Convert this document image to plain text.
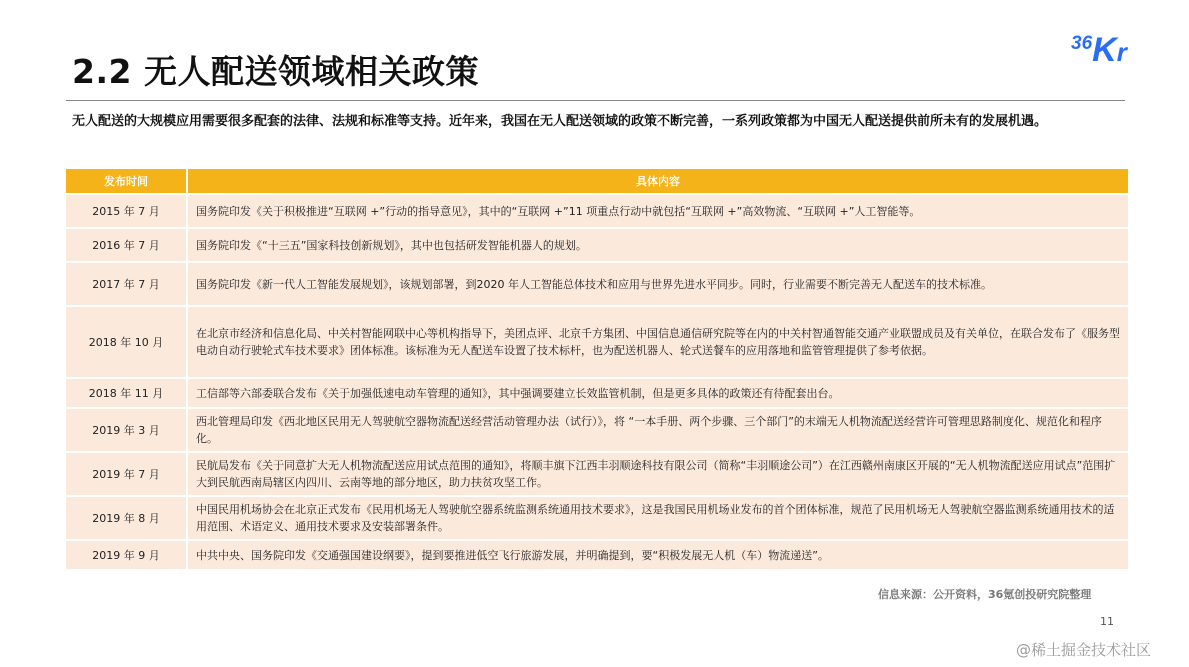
2.2 无人配送领域相关政策
36Kr
无人配送的大规模应用需要很多配套的法律、法规和标准等支持。近年来，我国在无人配送领域的政策不断完善，一系列政策都为中国无人配送提供前所未有的发展机遇。
发布时间	具体内容
2015 年 7 月	国务院印发《关于积极推进“互联网 +”行动的指导意见》，其中的“互联网 +”11 项重点行动中就包括“互联网 +”高效物流、“互联网 +”人工智能等。
2016 年 7 月	国务院印发《“十三五”国家科技创新规划》，其中也包括研发智能机器人的规划。
2017 年 7 月	国务院印发《新一代人工智能发展规划》，该规划部署，到2020 年人工智能总体技术和应用与世界先进水平同步。同时，行业需要不断完善无人配送车的技术标准。
2018 年 10 月	在北京市经济和信息化局、中关村智能网联中心等机构指导下，美团点评、北京千方集团、中国信息通信研究院等在内的中关村智通智能交通产业联盟成员及有关单位，在联合发布了《服务型电动自动行驶轮式车技术要求》团体标准。该标准为无人配送车设置了技术标杆，也为配送机器人、轮式送餐车的应用落地和监管管理提供了参考依据。
2018 年 11 月	工信部等六部委联合发布《关于加强低速电动车管理的通知》，其中强调要建立长效监管机制，但是更多具体的政策还有待配套出台。
2019 年 3 月	西北管理局印发《西北地区民用无人驾驶航空器物流配送经营活动管理办法（试行）》，将 “一本手册、两个步骤、三个部门”的末端无人机物流配送经营许可管理思路制度化、规范化和程序化。
2019 年 7 月	民航局发布《关于同意扩大无人机物流配送应用试点范围的通知》，将顺丰旗下江西丰羽顺途科技有限公司（简称“丰羽顺途公司”）在江西赣州南康区开展的“无人机物流配送应用试点”范围扩大到民航西南局辖区内四川、云南等地的部分地区，助力扶贫攻坚工作。
2019 年 8 月	中国民用机场协会在北京正式发布《民用机场无人驾驶航空器系统监测系统通用技术要求》，这是我国民用机场业发布的首个团体标准，规范了民用机场无人驾驶航空器监测系统通用技术的适用范围、术语定义、通用技术要求及安装部署条件。
2019 年 9 月	中共中央、国务院印发《交通强国建设纲要》，提到要推进低空飞行旅游发展，并明确提到，要“积极发展无人机（车）物流递送”。
信息来源：公开资料，36氪创投研究院整理
11
@稀土掘金技术社区
